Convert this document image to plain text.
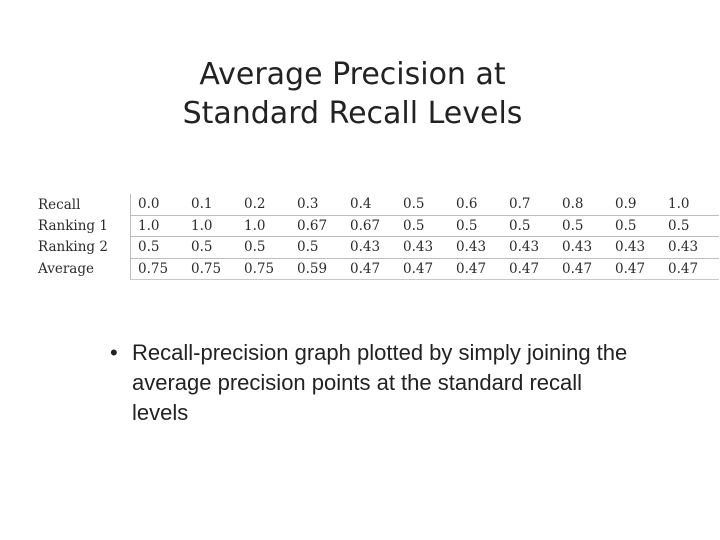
Average Precision at
Standard Recall Levels
Recall	0.0	0.1	0.2	0.3	0.4	0.5	0.6	0.7	0.8	0.9	1.0
Ranking 1	1.0	1.0	1.0	0.67	0.67	0.5	0.5	0.5	0.5	0.5	0.5
Ranking 2	0.5	0.5	0.5	0.5	0.43	0.43	0.43	0.43	0.43	0.43	0.43
Average	0.75	0.75	0.75	0.59	0.47	0.47	0.47	0.47	0.47	0.47	0.47
• Recall-precision graph plotted by simply joining the average precision points at the standard recall levels
